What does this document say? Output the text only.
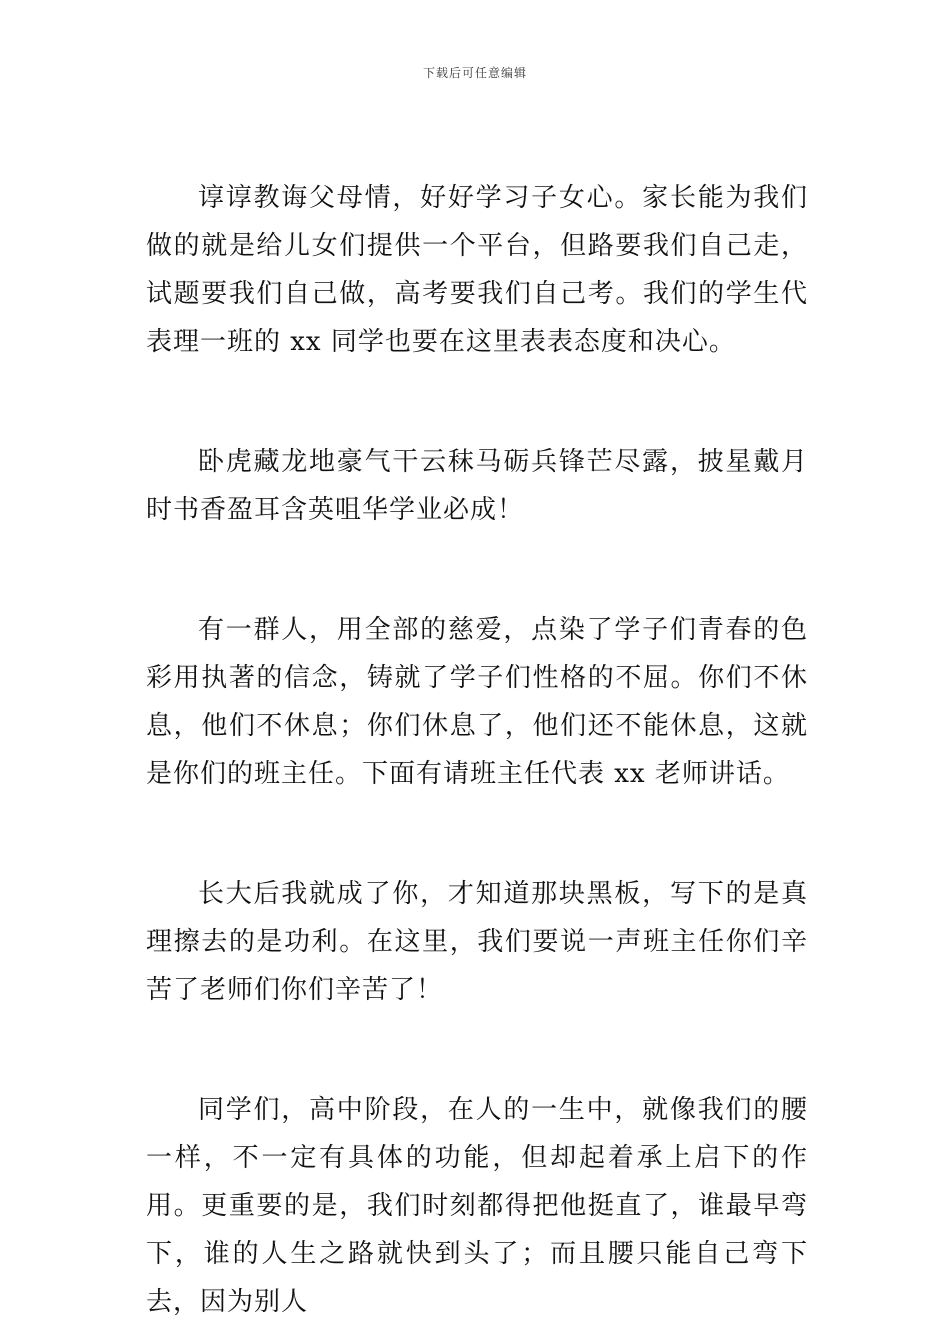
下载后可任意编辑

谆谆教诲父母情，好好学习子女心。家长能为我们做的就是给儿女们提供一个平台，但路要我们自己走，试题要我们自己做，高考要我们自己考。我们的学生代表理一班的 xx 同学也要在这里表表态度和决心。

卧虎藏龙地豪气干云秣马砺兵锋芒尽露，披星戴月时书香盈耳含英咀华学业必成！

有一群人，用全部的慈爱，点染了学子们青春的色彩用执著的信念，铸就了学子们性格的不屈。你们不休息，他们不休息；你们休息了，他们还不能休息，这就是你们的班主任。下面有请班主任代表 xx 老师讲话。

长大后我就成了你，才知道那块黑板，写下的是真理擦去的是功利。在这里，我们要说一声班主任你们辛苦了老师们你们辛苦了！

同学们，高中阶段，在人的一生中，就像我们的腰一样，不一定有具体的功能，但却起着承上启下的作用。更重要的是，我们时刻都得把他挺直了，谁最早弯下，谁的人生之路就快到头了；而且腰只能自己弯下去，因为别人
